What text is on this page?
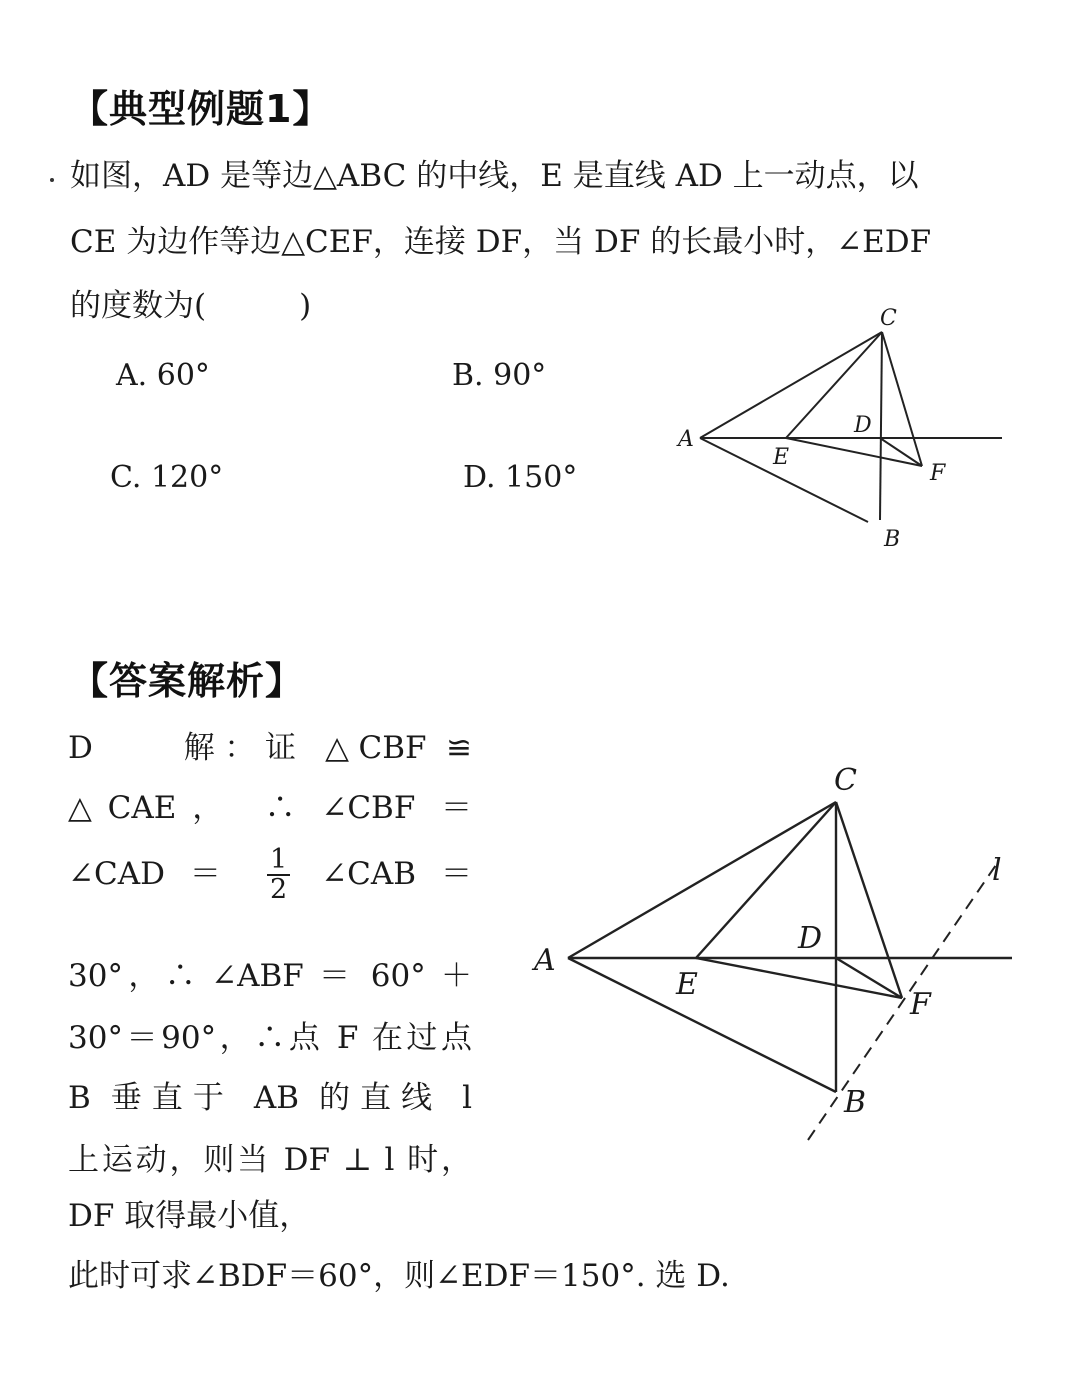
【典型例题1】
如图，AD 是等边△ABC 的中线，E 是直线 AD 上一动点，以
CE 为边作等边△CEF，连接 DF，当 DF 的长最小时，∠EDF
的度数为(　　　)
A. 60°	B. 90°
C. 120°	D. 150°
A
C
D
E
F
B
【答案解析】
D　　解：证 △CBF ≌
△CAE， ∴ ∠CBF ＝
∠CAD ＝ $\frac{1}{2}$ ∠CAB ＝
30°，∴ ∠ABF ＝ 60° ＋
30°＝90°，∴点 F 在过点
B 垂直于 AB 的直线 l
上运动，则当 DF ⊥ l 时，
DF 取得最小值，
此时可求∠BDF＝60°，则∠EDF＝150°. 选 D.
A
C
D
E
F
B
l
